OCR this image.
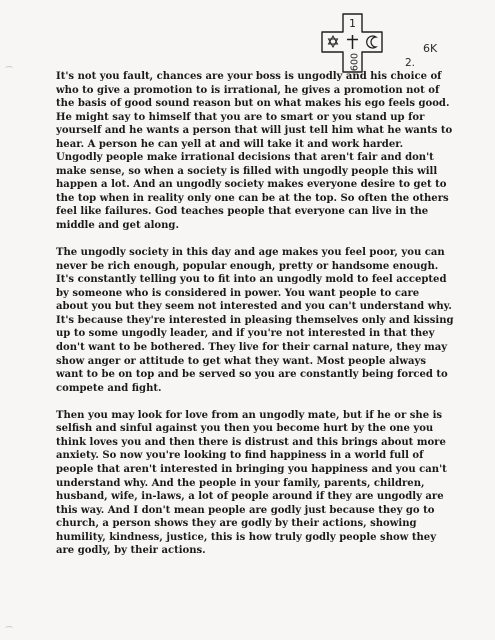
1
600
6K
2.
It's not you fault, chances are your boss is ungodly and his choice of
who to give a promotion to is irrational, he gives a promotion not of
the basis of good sound reason but on what makes his ego feels good.
He might say to himself that you are to smart or you stand up for
yourself and he wants a person that will just tell him what he wants to
hear. A person he can yell at and will take it and work harder.
Ungodly people make irrational decisions that aren't fair and don't
make sense, so when a society is filled with ungodly people this will
happen a lot. And an ungodly society makes everyone desire to get to
the top when in reality only one can be at the top. So often the others
feel like failures. God teaches people that everyone can live in the
middle and get along.
The ungodly society in this day and age makes you feel poor, you can
never be rich enough, popular enough, pretty or handsome enough.
It's constantly telling you to fit into an ungodly mold to feel accepted
by someone who is considered in power. You want people to care
about you but they seem not interested and you can't understand why.
It's because they're interested in pleasing themselves only and kissing
up to some ungodly leader, and if you're not interested in that they
don't want to be bothered. They live for their carnal nature, they may
show anger or attitude to get what they want. Most people always
want to be on top and be served so you are constantly being forced to
compete and fight.
Then you may look for love from an ungodly mate, but if he or she is
selfish and sinful against you then you become hurt by the one you
think loves you and then there is distrust and this brings about more
anxiety. So now you're looking to find happiness in a world full of
people that aren't interested in bringing you happiness and you can't
understand why. And the people in your family, parents, children,
husband, wife, in-laws, a lot of people around if they are ungodly are
this way. And I don't mean people are godly just because they go to
church, a person shows they are godly by their actions, showing
humility, kindness, justice, this is how truly godly people show they
are godly, by their actions.
